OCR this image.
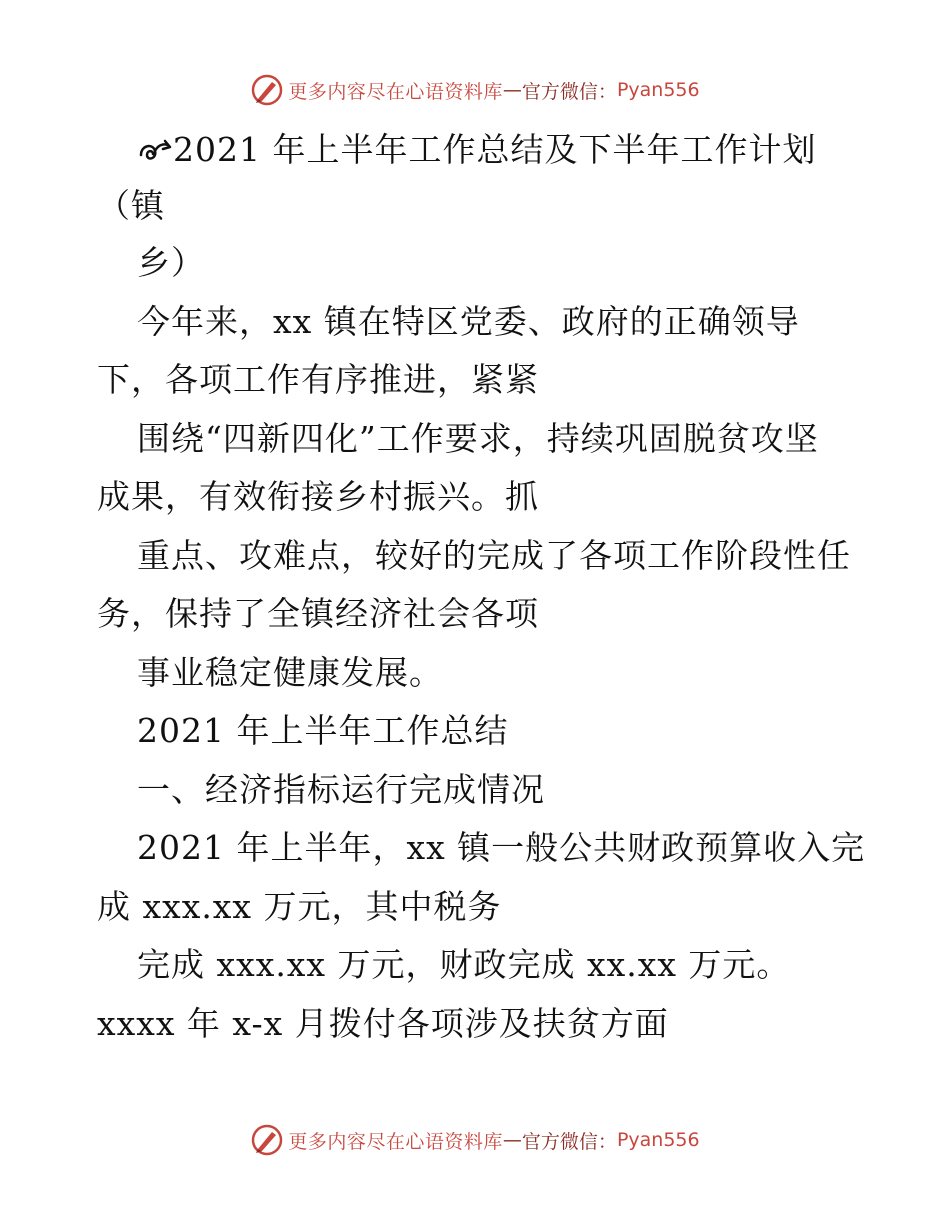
更多内容尽在心语资料库 — 官方微信： Pyan556
2021 年上半年工作总结及下半年工作计划
（镇
乡）
今年来，xx 镇在特区党委、政府的正确领导
下，各项工作有序推进，紧紧
围绕“四新四化”工作要求，持续巩固脱贫攻坚
成果，有效衔接乡村振兴。抓
重点、攻难点，较好的完成了各项工作阶段性任
务，保持了全镇经济社会各项
事业稳定健康发展。
2021 年上半年工作总结
一、经济指标运行完成情况
2021 年上半年，xx 镇一般公共财政预算收入完
成 xxx.xx 万元，其中税务
完成 xxx.xx 万元，财政完成 xx.xx 万元。
xxxx 年 x-x 月拨付各项涉及扶贫方面
更多内容尽在心语资料库 — 官方微信： Pyan556
